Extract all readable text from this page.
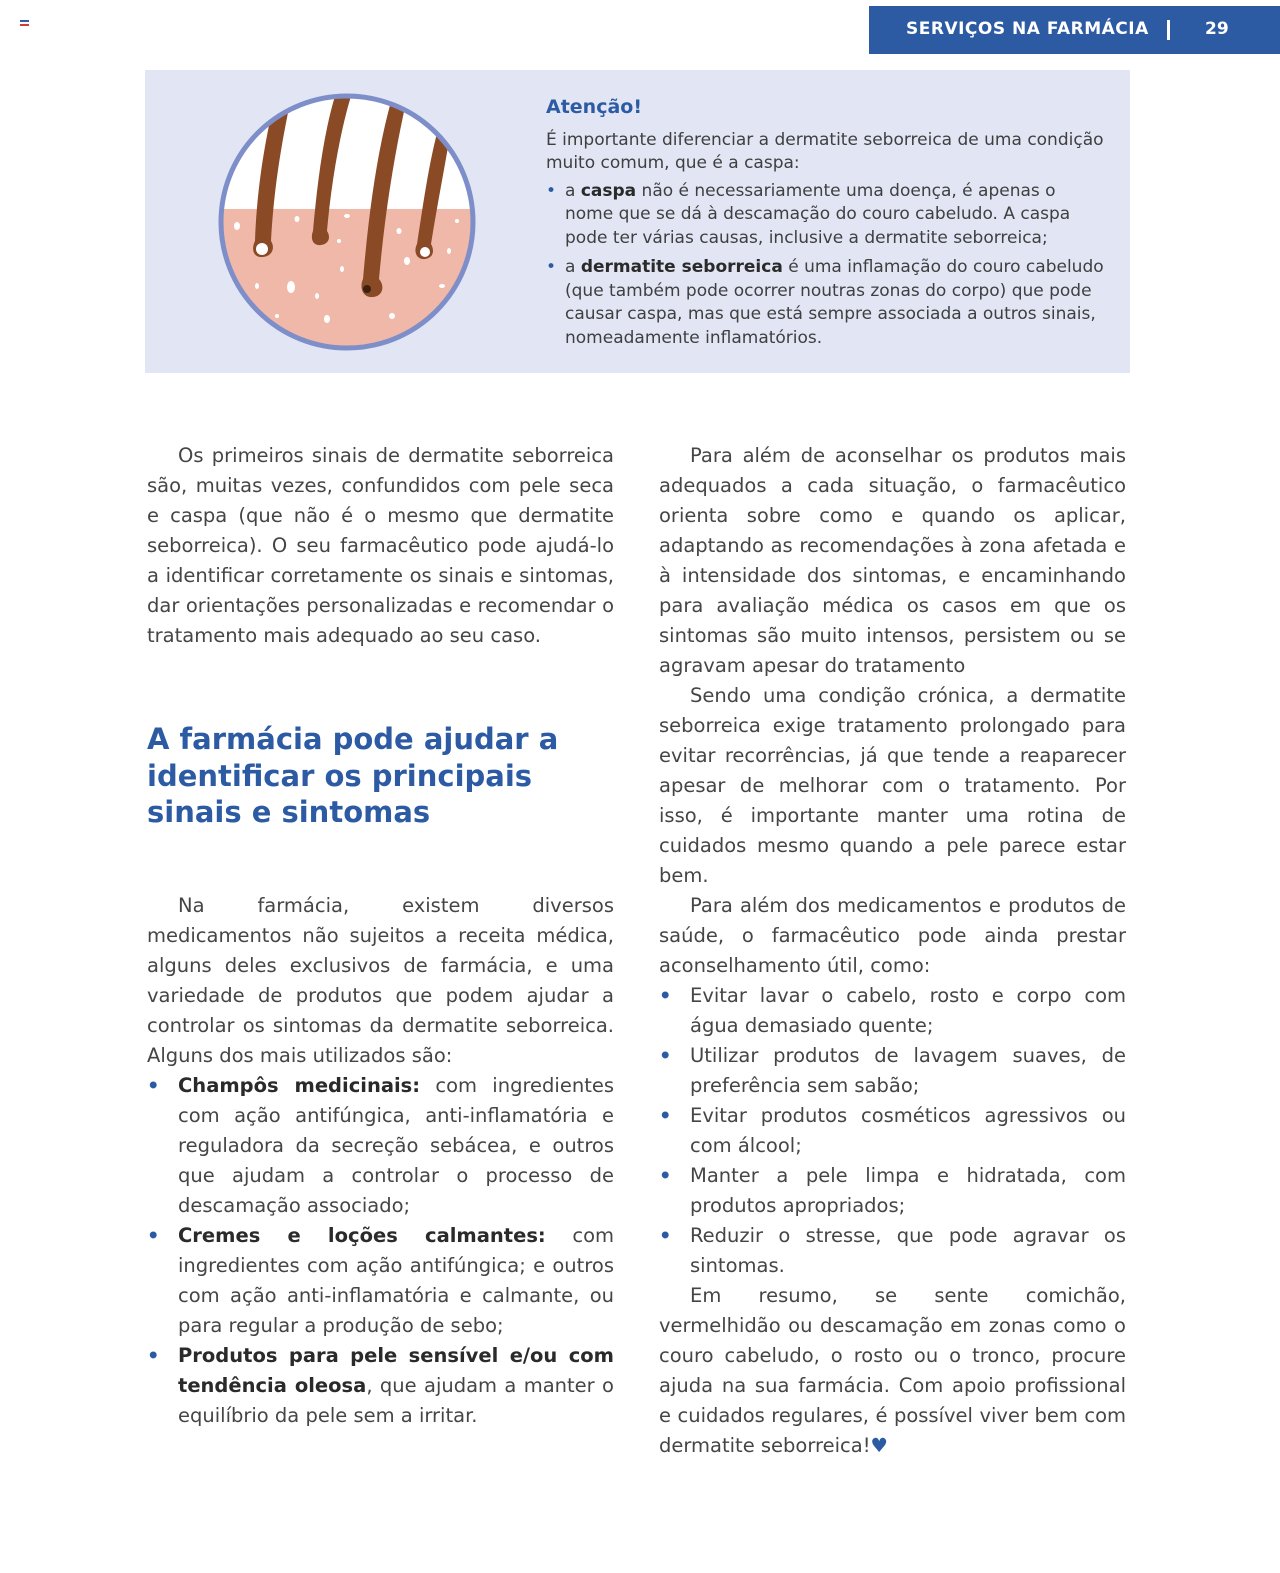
SERVIÇOS NA FARMÁCIA	29
Atenção!

É importante diferenciar a dermatite seborreica de uma condição muito comum, que é a caspa:

• a caspa não é necessariamente uma doença, é apenas o nome que se dá à descamação do couro cabeludo. A caspa pode ter várias causas, inclusive a dermatite seborreica;
• a dermatite seborreica é uma inflamação do couro cabeludo (que também pode ocorrer noutras zonas do corpo) que pode causar caspa, mas que está sempre associada a outros sinais, nomeadamente inflamatórios.

Os primeiros sinais de dermatite seborreica são, muitas vezes, confundidos com pele seca e caspa (que não é o mesmo que dermatite seborreica). O seu farmacêutico pode ajudá-lo a identificar corretamente os sinais e sintomas, dar orientações personalizadas e recomendar o tratamento mais adequado ao seu caso.

A farmácia pode ajudar a identificar os principais sinais e sintomas

Na farmácia, existem diversos medicamentos não sujeitos a receita médica, alguns deles exclusivos de farmácia, e uma variedade de produtos que podem ajudar a controlar os sintomas da dermatite seborreica. Alguns dos mais utilizados são:

• Champôs medicinais: com ingredientes com ação antifúngica, anti-inflamatória e reguladora da secreção sebácea, e outros que ajudam a controlar o processo de descamação associado;
• Cremes e loções calmantes: com ingredientes com ação antifúngica; e outros com ação anti-inflamatória e calmante, ou para regular a produção de sebo;
• Produtos para pele sensível e/ou com tendência oleosa, que ajudam a manter o equilíbrio da pele sem a irritar.

Para além de aconselhar os produtos mais adequados a cada situação, o farmacêutico orienta sobre como e quando os aplicar, adaptando as recomendações à zona afetada e à intensidade dos sintomas, e encaminhando para avaliação médica os casos em que os sintomas são muito intensos, persistem ou se agravam apesar do tratamento

Sendo uma condição crónica, a dermatite seborreica exige tratamento prolongado para evitar recorrências, já que tende a reaparecer apesar de melhorar com o tratamento. Por isso, é importante manter uma rotina de cuidados mesmo quando a pele parece estar bem.

Para além dos medicamentos e produtos de saúde, o farmacêutico pode ainda prestar aconselhamento útil, como:

• Evitar lavar o cabelo, rosto e corpo com água demasiado quente;
• Utilizar produtos de lavagem suaves, de preferência sem sabão;
• Evitar produtos cosméticos agressivos ou com álcool;
• Manter a pele limpa e hidratada, com produtos apropriados;
• Reduzir o stresse, que pode agravar os sintomas.

Em resumo, se sente comichão, vermelhidão ou descamação em zonas como o couro cabeludo, o rosto ou o tronco, procure ajuda na sua farmácia. Com apoio profissional e cuidados regulares, é possível viver bem com dermatite seborreica!♥
